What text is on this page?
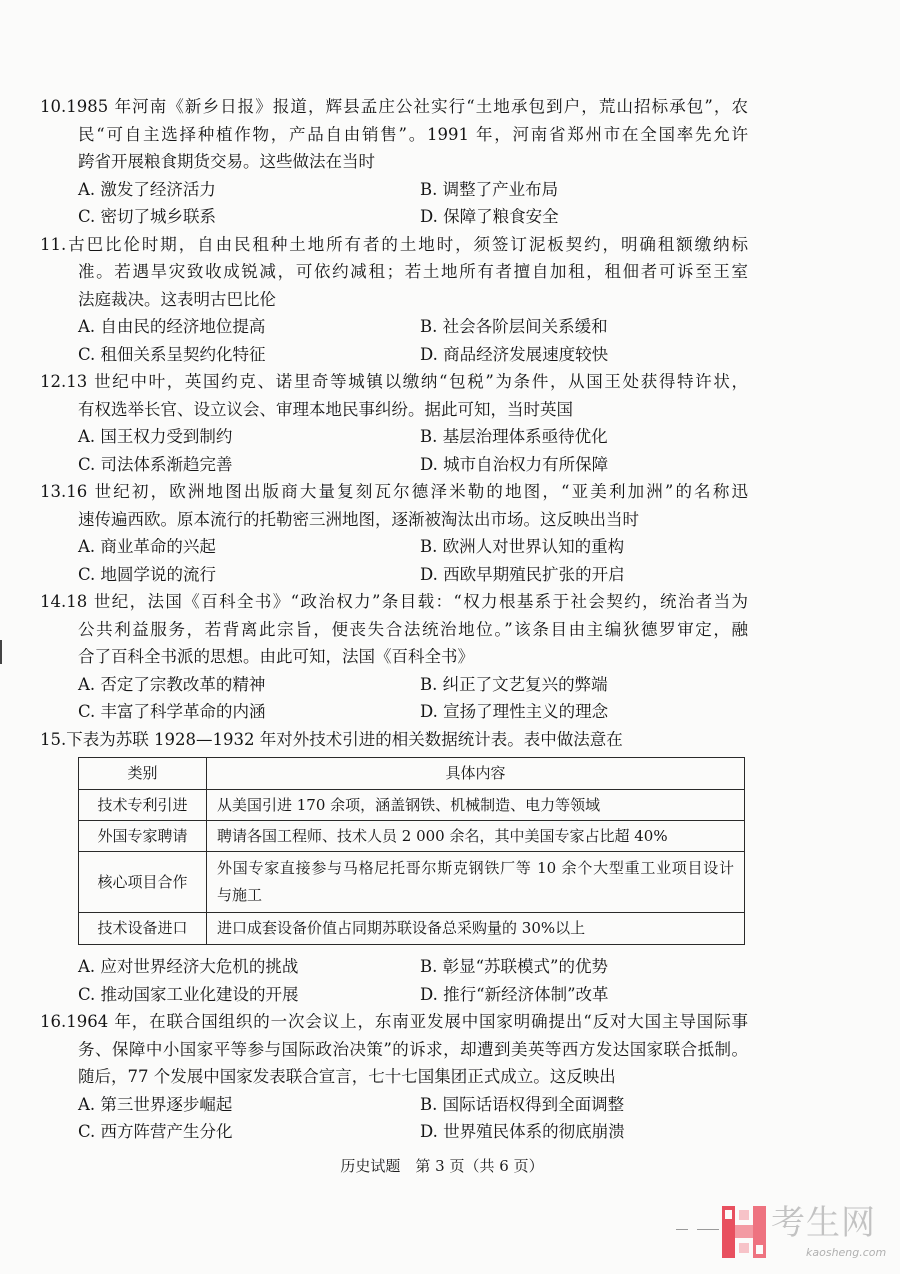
10.1985 年河南《新乡日报》报道，辉县孟庄公社实行“土地承包到户，荒山招标承包”，农
民“可自主选择种植作物，产品自由销售”。1991 年，河南省郑州市在全国率先允许
跨省开展粮食期货交易。这些做法在当时
A. 激发了经济活力	B. 调整了产业布局
C. 密切了城乡联系	D. 保障了粮食安全
11.古巴比伦时期，自由民租种土地所有者的土地时，须签订泥板契约，明确租额缴纳标
准。若遇旱灾致收成锐减，可依约减租；若土地所有者擅自加租，租佃者可诉至王室
法庭裁决。这表明古巴比伦
A. 自由民的经济地位提高	B. 社会各阶层间关系缓和
C. 租佃关系呈契约化特征	D. 商品经济发展速度较快
12.13 世纪中叶，英国约克、诺里奇等城镇以缴纳“包税”为条件，从国王处获得特许状，
有权选举长官、设立议会、审理本地民事纠纷。据此可知，当时英国
A. 国王权力受到制约	B. 基层治理体系亟待优化
C. 司法体系渐趋完善	D. 城市自治权力有所保障
13.16 世纪初，欧洲地图出版商大量复刻瓦尔德泽米勒的地图，“亚美利加洲”的名称迅
速传遍西欧。原本流行的托勒密三洲地图，逐渐被淘汰出市场。这反映出当时
A. 商业革命的兴起	B. 欧洲人对世界认知的重构
C. 地圆学说的流行	D. 西欧早期殖民扩张的开启
14.18 世纪，法国《百科全书》“政治权力”条目载：“权力根基系于社会契约，统治者当为
公共利益服务，若背离此宗旨，便丧失合法统治地位。”该条目由主编狄德罗审定，融
合了百科全书派的思想。由此可知，法国《百科全书》
A. 否定了宗教改革的精神	B. 纠正了文艺复兴的弊端
C. 丰富了科学革命的内涵	D. 宣扬了理性主义的理念
15.下表为苏联 1928—1932 年对外技术引进的相关数据统计表。表中做法意在
类别	具体内容
技术专利引进	从美国引进 170 余项，涵盖钢铁、机械制造、电力等领域

外国专家聘请	聘请各国工程师、技术人员 2 000 余名，其中美国专家占比超 40%

核心项目合作	外国专家直接参与马格尼托哥尔斯克钢铁厂等 10 余个大型重工业项目设计
与施工

技术设备进口	进口成套设备价值占同期苏联设备总采购量的 30%以上
A. 应对世界经济大危机的挑战	B. 彰显“苏联模式”的优势
C. 推动国家工业化建设的开展	D. 推行“新经济体制”改革
16.1964 年，在联合国组织的一次会议上，东南亚发展中国家明确提出“反对大国主导国际事
务、保障中小国家平等参与国际政治决策”的诉求，却遭到美英等西方发达国家联合抵制。
随后，77 个发展中国家发表联合宣言，七十七国集团正式成立。这反映出
A. 第三世界逐步崛起	B. 国际话语权得到全面调整
C. 西方阵营产生分化	D. 世界殖民体系的彻底崩溃
历史试题　第 3 页（共 6 页）
考生网
kaosheng.com
